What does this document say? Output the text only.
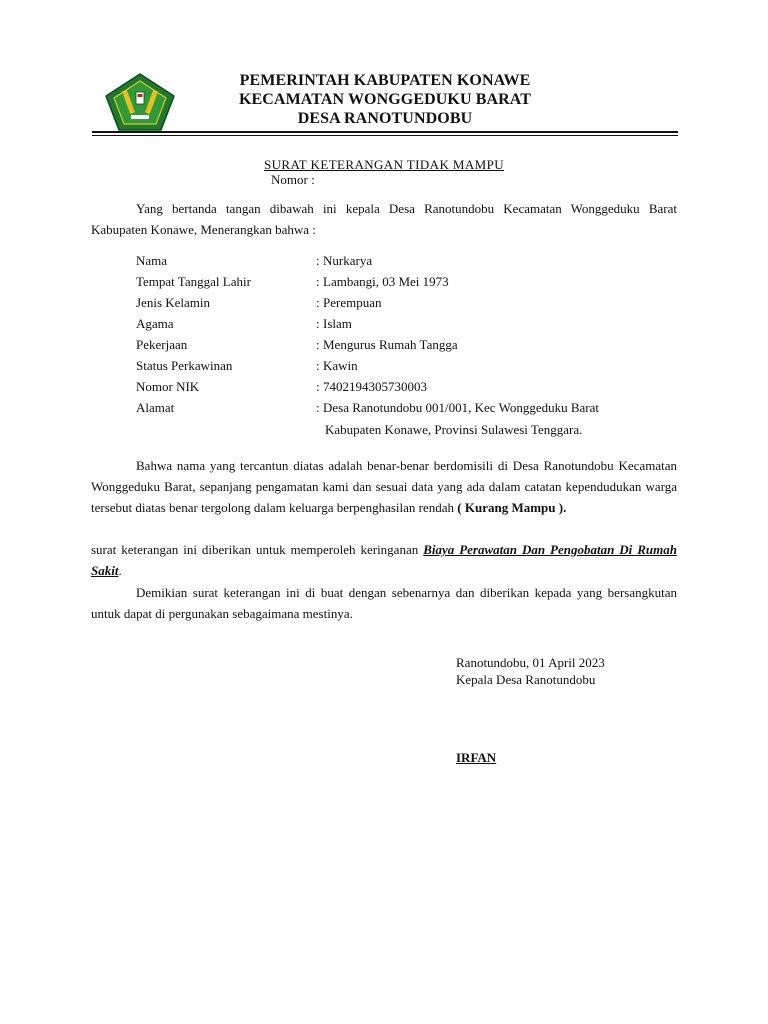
PEMERINTAH KABUPATEN KONAWE
KECAMATAN WONGGEDUKU BARAT
DESA RANOTUNDOBU
SURAT KETERANGAN TIDAK MAMPU
Nomor :
Yang bertanda tangan dibawah ini kepala Desa Ranotundobu Kecamatan Wonggeduku Barat Kabupaten Konawe, Menerangkan bahwa :
Nama	: Nurkarya
Tempat Tanggal Lahir	: Lambangi, 03 Mei 1973
Jenis Kelamin	: Perempuan
Agama	: Islam
Pekerjaan	: Mengurus Rumah Tangga
Status Perkawinan	: Kawin
Nomor NIK	: 7402194305730003
Alamat	: Desa Ranotundobu 001/001, Kec Wonggeduku Barat
Kabupaten Konawe, Provinsi Sulawesi Tenggara.
Bahwa nama yang tercantun diatas adalah benar-benar berdomisili di Desa Ranotundobu Kecamatan Wonggeduku Barat, sepanjang pengamatan kami dan sesuai data yang ada dalam catatan kependudukan warga tersebut diatas benar tergolong dalam keluarga berpenghasilan rendah ( Kurang Mampu ).
surat keterangan ini diberikan untuk memperoleh keringanan Biaya Perawatan Dan Pengobatan Di Rumah Sakit.
Demikian surat keterangan ini di buat dengan sebenarnya dan diberikan kepada yang bersangkutan untuk dapat di pergunakan sebagaimana mestinya.
Ranotundobu, 01 April 2023
Kepala Desa Ranotundobu
IRFAN
